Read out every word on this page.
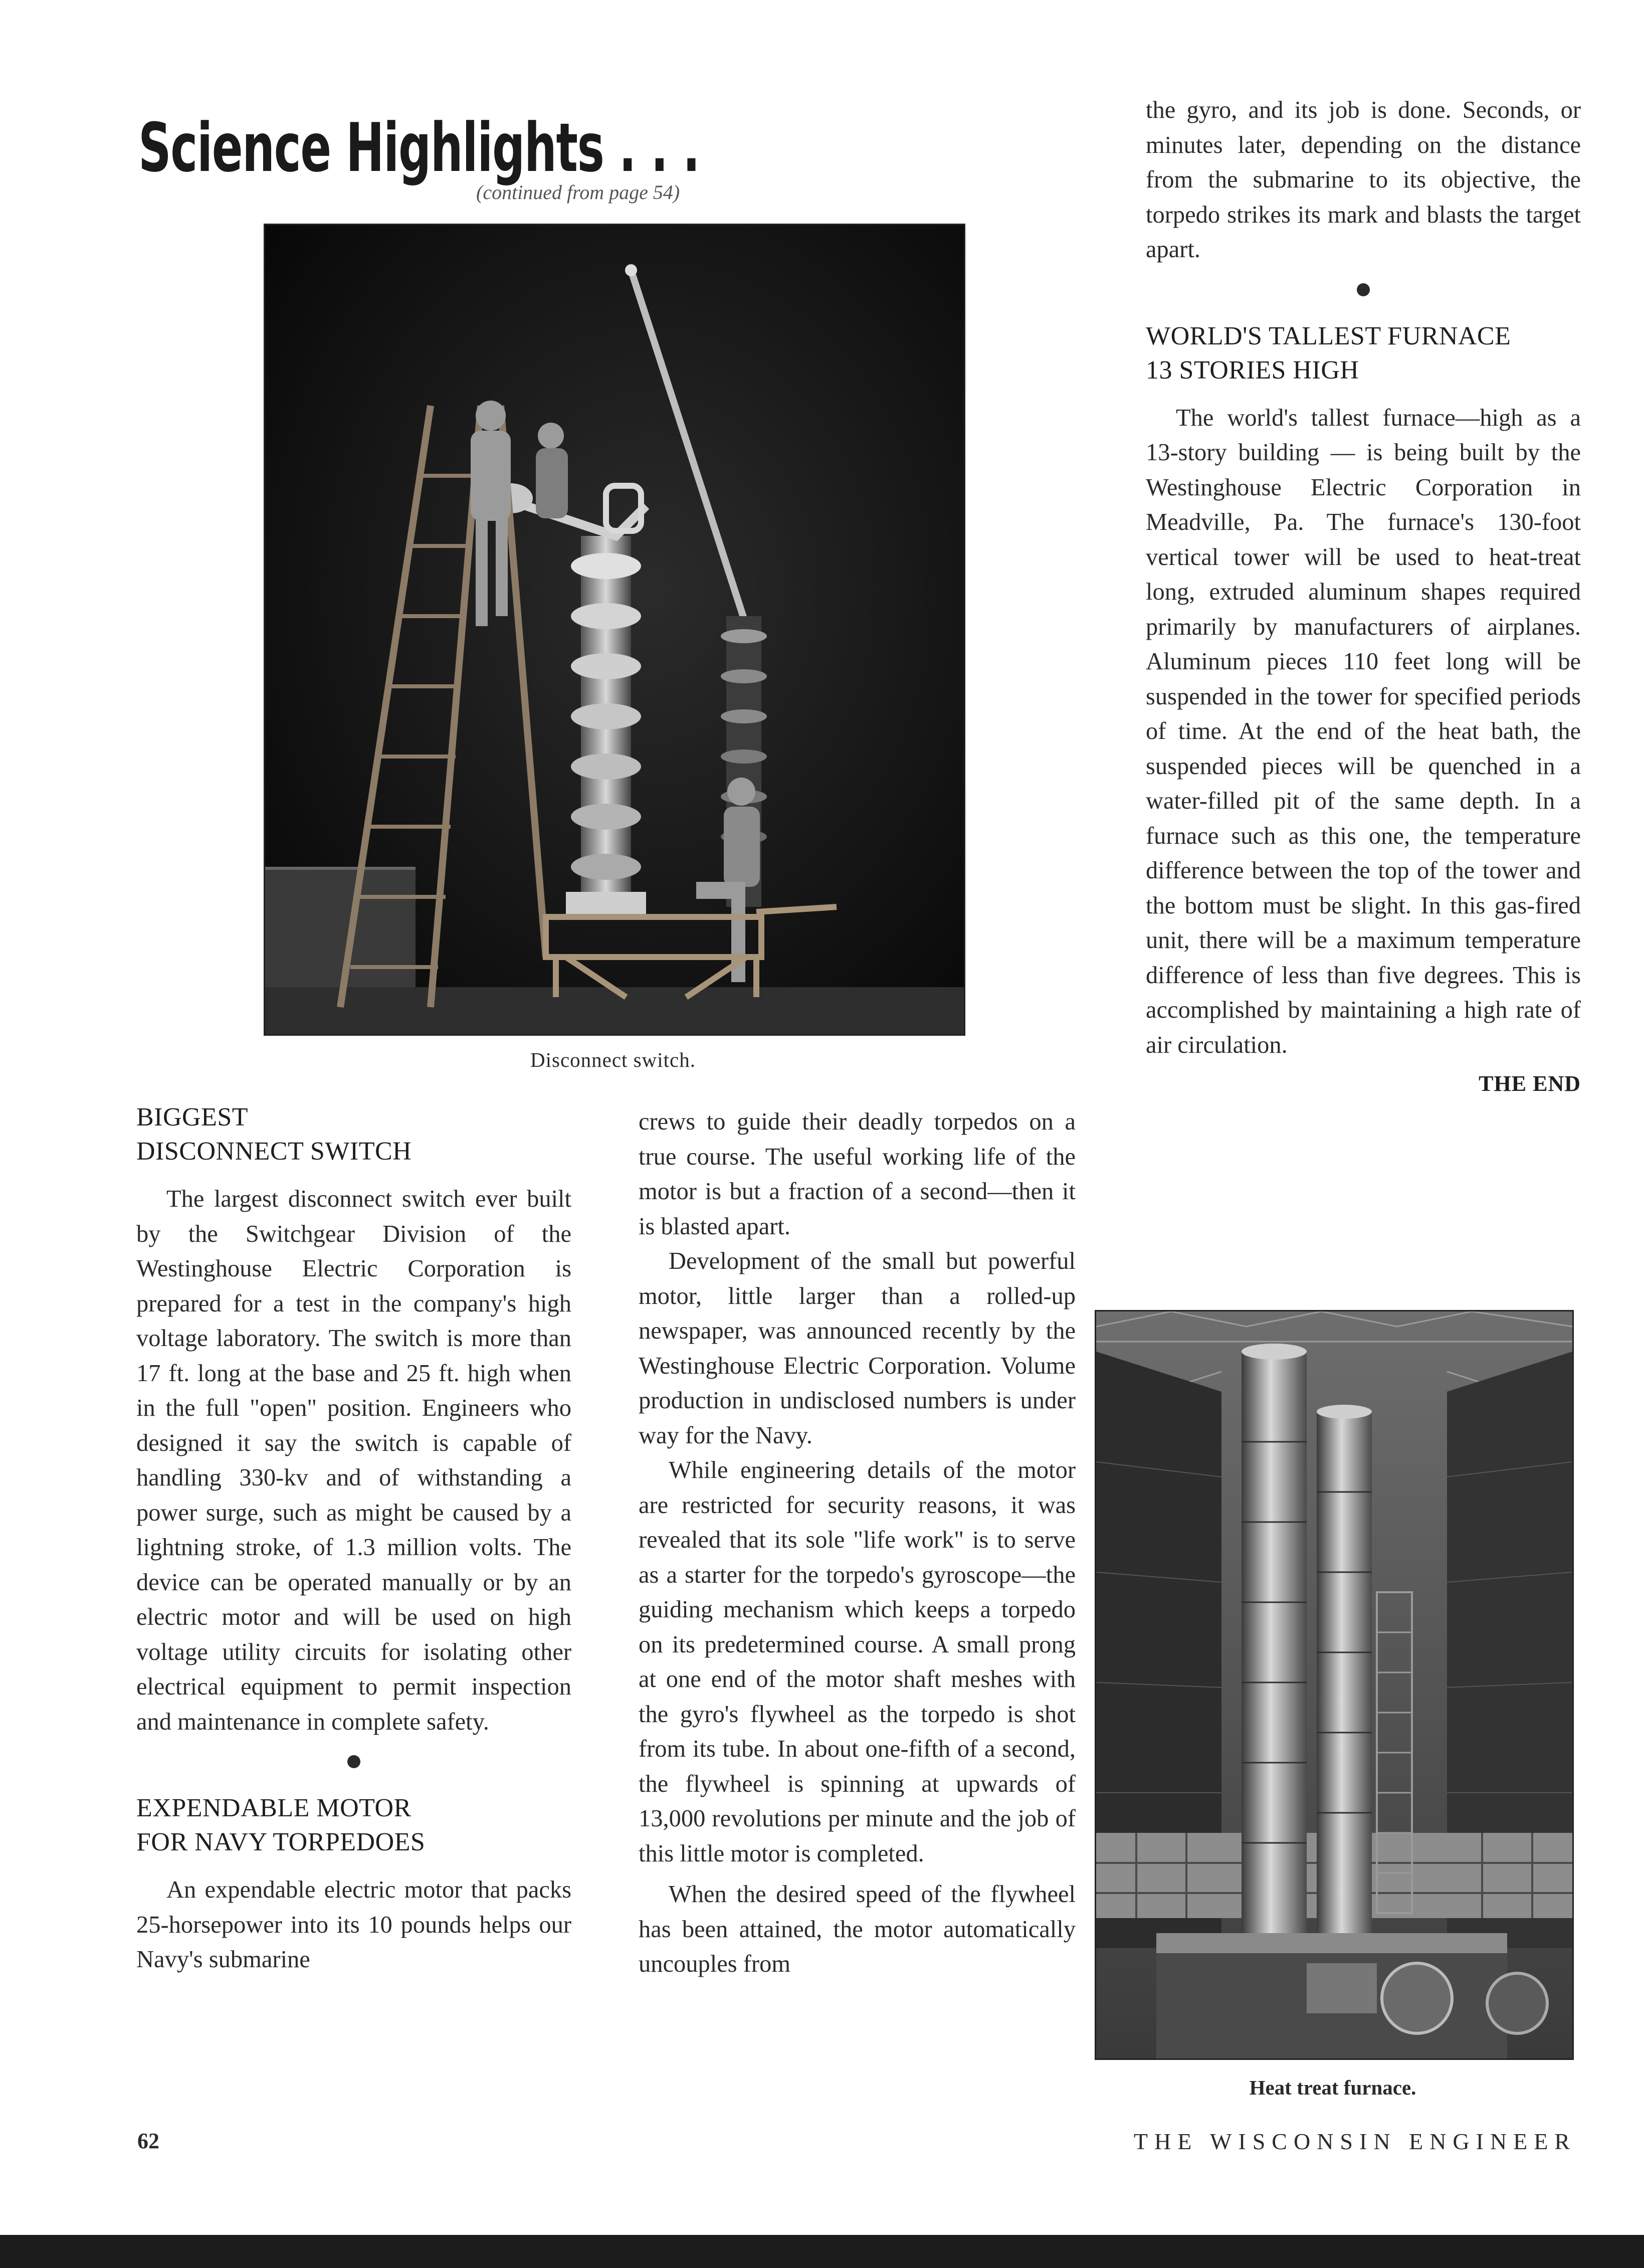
Science Highlights . . .
(continued from page 54)
Disconnect switch.
BIGGEST
DISCONNECT SWITCH

The largest disconnect switch ever built by the Switchgear Division of the Westinghouse Electric Corporation is prepared for a test in the company's high voltage laboratory. The switch is more than 17 ft. long at the base and 25 ft. high when in the full "open" position. Engineers who designed it say the switch is capable of handling 330-kv and of withstanding a power surge, such as might be caused by a lightning stroke, of 1.3 million volts. The device can be operated manually or by an electric motor and will be used on high voltage utility circuits for isolating other electrical equipment to permit inspection and maintenance in complete safety.

EXPENDABLE MOTOR
FOR NAVY TORPEDOES

An expendable electric motor that packs 25-horsepower into its 10 pounds helps our Navy's submarine

crews to guide their deadly torpedos on a true course. The useful working life of the motor is but a fraction of a second—then it is blasted apart.

Development of the small but powerful motor, little larger than a rolled-up newspaper, was announced recently by the Westinghouse Electric Corporation. Volume production in undisclosed numbers is under way for the Navy.

While engineering details of the motor are restricted for security reasons, it was revealed that its sole "life work" is to serve as a starter for the torpedo's gyroscope—the guiding mechanism which keeps a torpedo on its predetermined course. A small prong at one end of the motor shaft meshes with the gyro's flywheel as the torpedo is shot from its tube. In about one-fifth of a second, the flywheel is spinning at upwards of 13,000 revolutions per minute and the job of this little motor is completed.

When the desired speed of the flywheel has been attained, the motor automatically uncouples from

the gyro, and its job is done. Seconds, or minutes later, depending on the distance from the submarine to its objective, the torpedo strikes its mark and blasts the target apart.

WORLD'S TALLEST FURNACE
13 STORIES HIGH

The world's tallest furnace—high as a 13-story building — is being built by the Westinghouse Electric Corporation in Meadville, Pa. The furnace's 130-foot vertical tower will be used to heat-treat long, extruded aluminum shapes required primarily by manufacturers of airplanes. Aluminum pieces 110 feet long will be suspended in the tower for specified periods of time. At the end of the heat bath, the suspended pieces will be quenched in a water-filled pit of the same depth. In a furnace such as this one, the temperature difference between the top of the tower and the bottom must be slight. In this gas-fired unit, there will be a maximum temperature difference of less than five degrees. This is accomplished by maintaining a high rate of air circulation.

THE END
Heat treat furnace.
62	THE WISCONSIN ENGINEER
